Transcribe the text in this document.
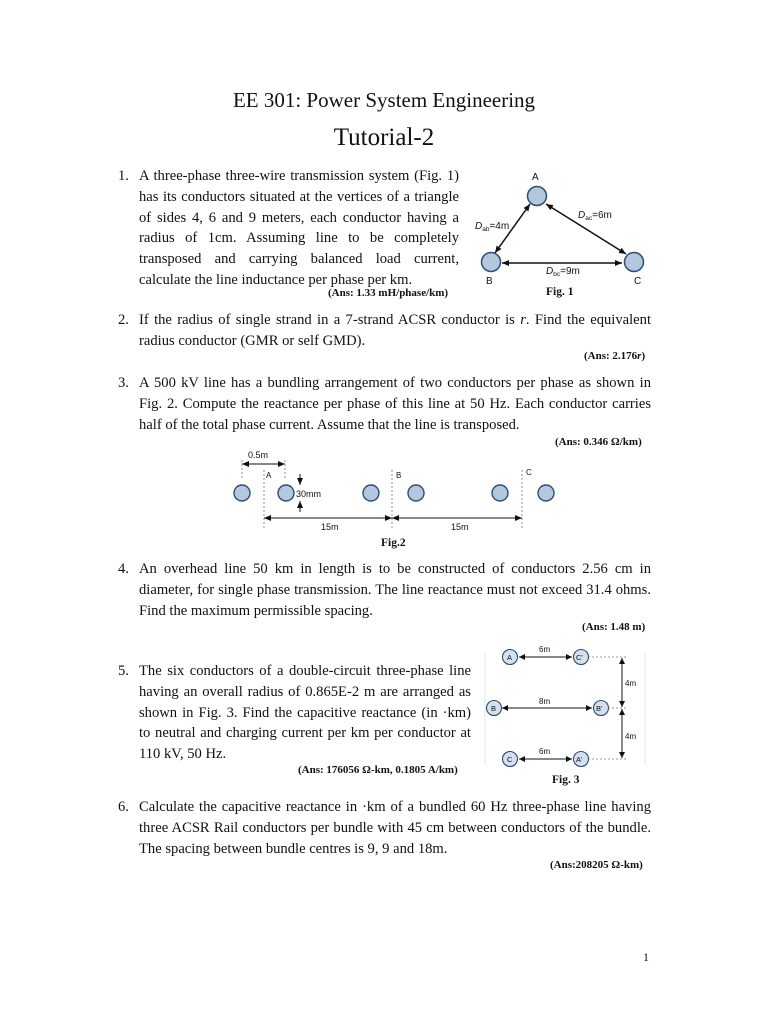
EE 301: Power System Engineering
Tutorial-2
1. A three-phase three-wire transmission system (Fig. 1) has its conductors situated at the vertices of a triangle of sides 4, 6 and 9 meters, each conductor having a radius of 1cm. Assuming line to be completely transposed and carrying balanced load current, calculate the line inductance per phase per km.
(Ans: 1.33 mH/phase/km)
A
B	C
$D_{ab}=4m$
$D_{ac}=6m$
$D_{bc}=9m$
Fig. 1
2. If the radius of single strand in a 7-strand ACSR conductor is r. Find the equivalent radius conductor (GMR or self GMD).
(Ans: 2.176r)
3. A 500 kV line has a bundling arrangement of two conductors per phase as shown in Fig. 2. Compute the reactance per phase of this line at 50 Hz. Each conductor carries half of the total phase current. Assume that the line is transposed.
(Ans: 0.346 Ω/km)
0.5m
A	B	C
30mm
15m	15m
Fig.2
4. An overhead line 50 km in length is to be constructed of conductors 2.56 cm in diameter, for single phase transmission. The line reactance must not exceed 31.4 ohms. Find the maximum permissible spacing.
(Ans: 1.48 m)
5. The six conductors of a double-circuit three-phase line having an overall radius of 0.865E-2 m are arranged as shown in Fig. 3. Find the capacitive reactance (in ·km) to neutral and charging current per km per conductor at 110 kV, 50 Hz.
(Ans: 176056 Ω-km, 0.1805 A/km)
6m
A	C'
8m
B	B'
6m
C	A'
4m
4m
Fig. 3
6. Calculate the capacitive reactance in ·km of a bundled 60 Hz three-phase line having three ACSR Rail conductors per bundle with 45 cm between conductors of the bundle. The spacing between bundle centres is 9, 9 and 18m.
(Ans:208205 Ω-km)
1
